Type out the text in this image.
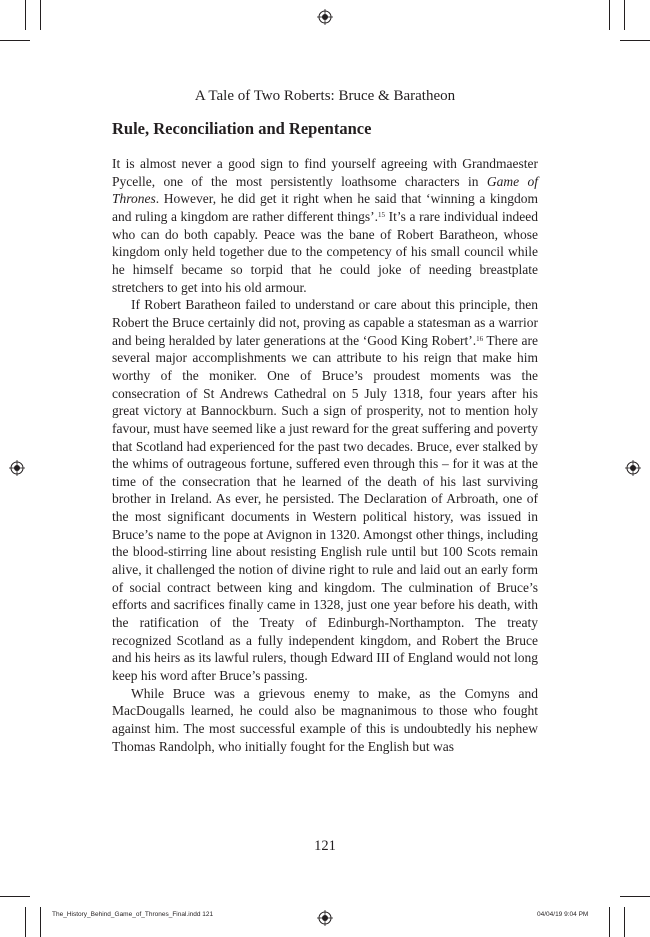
A Tale of Two Roberts: Bruce & Baratheon
Rule, Reconciliation and Repentance

It is almost never a good sign to find yourself agreeing with Grandmaester Pycelle, one of the most persistently loathsome characters in Game of Thrones. However, he did get it right when he said that ‘winning a kingdom and ruling a kingdom are rather different things’.$^{15}$ It’s a rare individual indeed who can do both capably. Peace was the bane of Robert Baratheon, whose kingdom only held together due to the competency of his small council while he himself became so torpid that he could joke of needing breastplate stretchers to get into his old armour.

If Robert Baratheon failed to understand or care about this principle, then Robert the Bruce certainly did not, proving as capable a statesman as a warrior and being heralded by later generations at the ‘Good King Robert’.$^{16}$ There are several major accomplishments we can attribute to his reign that make him worthy of the moniker. One of Bruce’s proudest moments was the consecration of St Andrews Cathedral on 5 July 1318, four years after his great victory at Bannockburn. Such a sign of prosperity, not to mention holy favour, must have seemed like a just reward for the great suffering and poverty that Scotland had experienced for the past two decades. Bruce, ever stalked by the whims of outrageous fortune, suffered even through this – for it was at the time of the consecration that he learned of the death of his last surviving brother in Ireland. As ever, he persisted. The Declaration of Arbroath, one of the most significant documents in Western political history, was issued in Bruce’s name to the pope at Avignon in 1320. Amongst other things, including the blood-stirring line about resisting English rule until but 100 Scots remain alive, it challenged the notion of divine right to rule and laid out an early form of social contract between king and kingdom. The culmination of Bruce’s efforts and sacrifices finally came in 1328, just one year before his death, with the ratification of the Treaty of Edinburgh-Northampton. The treaty recognized Scotland as a fully independent kingdom, and Robert the Bruce and his heirs as its lawful rulers, though Edward III of England would not long keep his word after Bruce’s passing.

While Bruce was a grievous enemy to make, as the Comyns and MacDougalls learned, he could also be magnanimous to those who fought against him. The most successful example of this is undoubtedly his nephew Thomas Randolph, who initially fought for the English but was

121
The_History_Behind_Game_of_Thrones_Final.indd 121	04/04/19 9:04 PM
